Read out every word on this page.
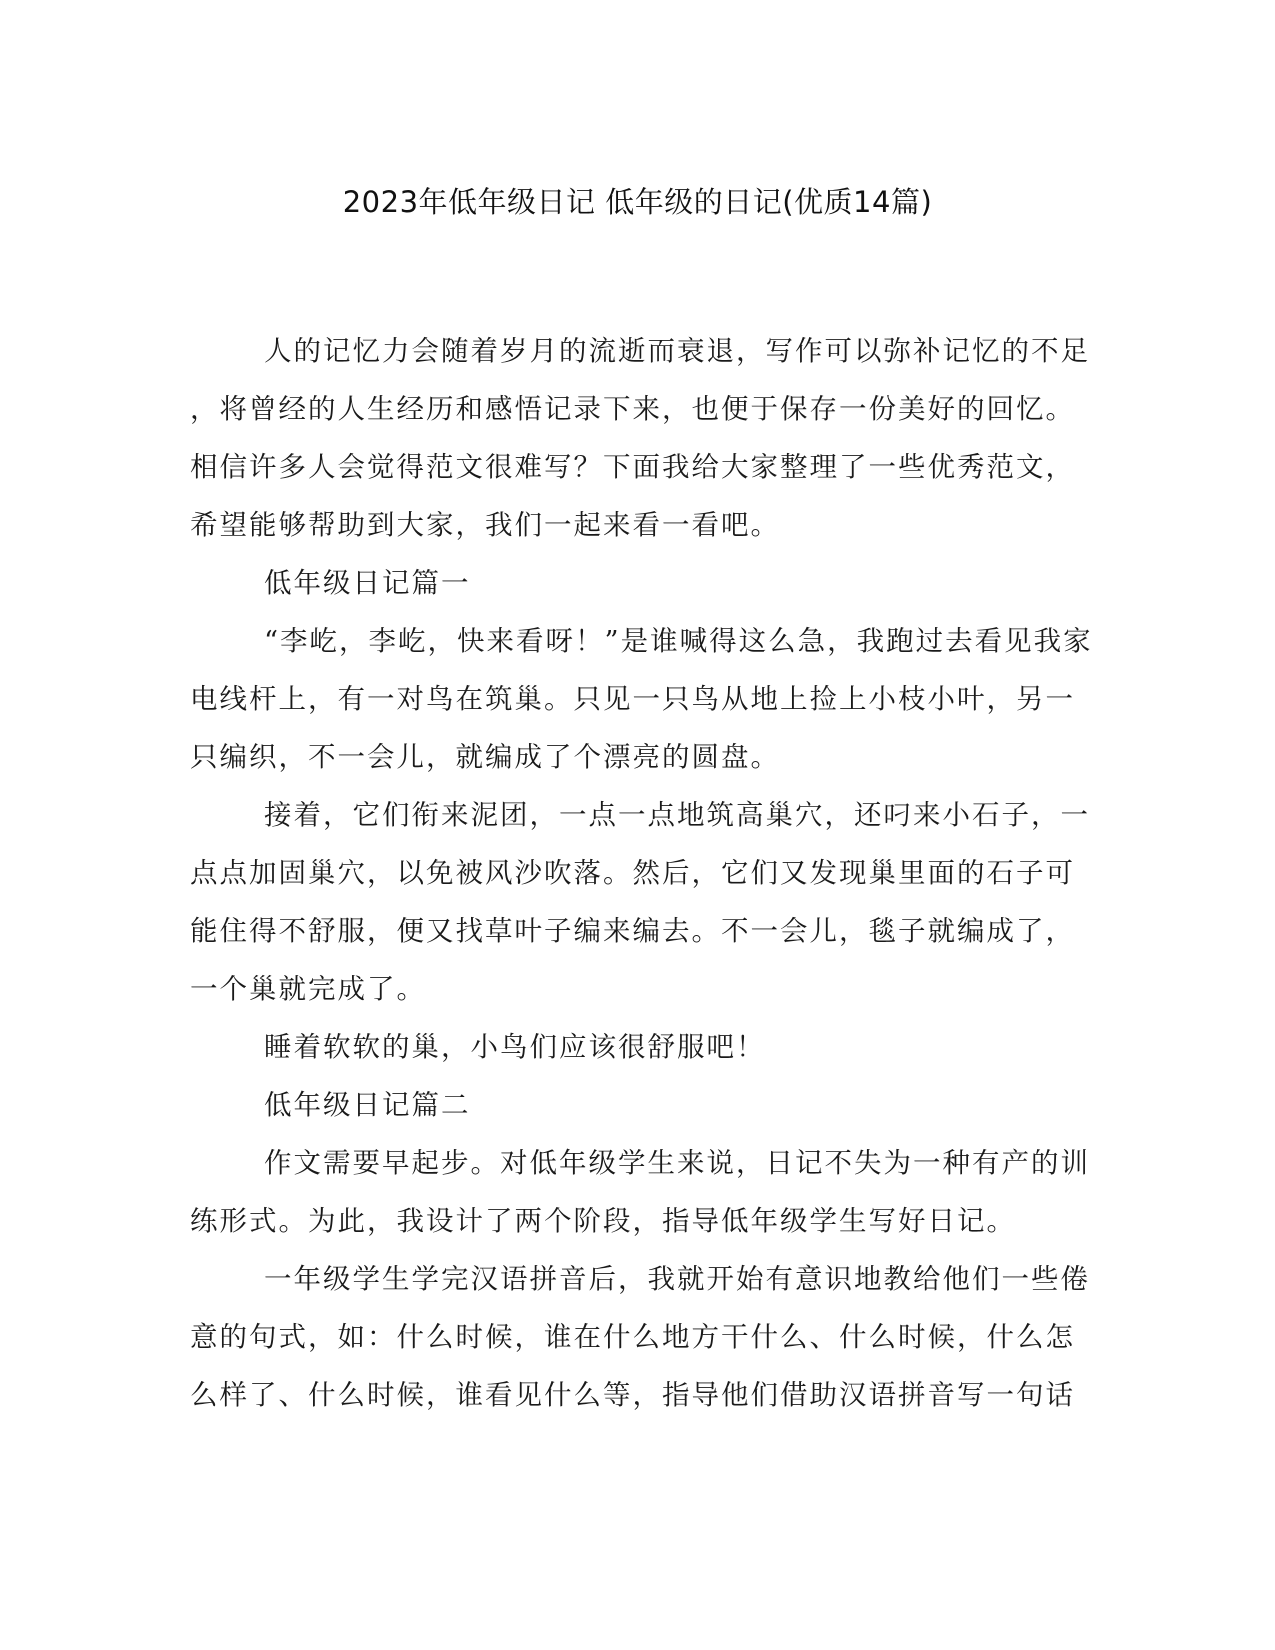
2023年低年级日记 低年级的日记(优质14篇)
人的记忆力会随着岁月的流逝而衰退，写作可以弥补记忆的不足
，将曾经的人生经历和感悟记录下来，也便于保存一份美好的回忆。
相信许多人会觉得范文很难写？下面我给大家整理了一些优秀范文，
希望能够帮助到大家，我们一起来看一看吧。
低年级日记篇一
“李屹，李屹，快来看呀！”是谁喊得这么急，我跑过去看见我家
电线杆上，有一对鸟在筑巢。只见一只鸟从地上捡上小枝小叶，另一
只编织，不一会儿，就编成了个漂亮的圆盘。
接着，它们衔来泥团，一点一点地筑高巢穴，还叼来小石子，一
点点加固巢穴，以免被风沙吹落。然后，它们又发现巢里面的石子可
能住得不舒服，便又找草叶子编来编去。不一会儿，毯子就编成了，
一个巢就完成了。
睡着软软的巢，小鸟们应该很舒服吧！
低年级日记篇二
作文需要早起步。对低年级学生来说，日记不失为一种有产的训
练形式。为此，我设计了两个阶段，指导低年级学生写好日记。
一年级学生学完汉语拼音后，我就开始有意识地教给他们一些倦
意的句式，如：什么时候，谁在什么地方干什么、什么时候，什么怎
么样了、什么时候，谁看见什么等，指导他们借助汉语拼音写一句话
